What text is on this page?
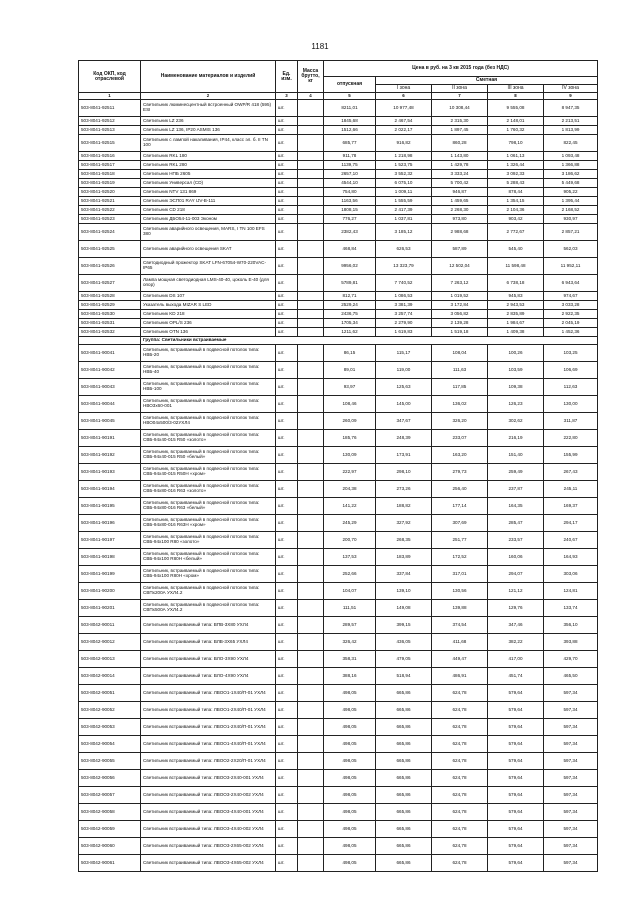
1181
Код ОКП, код отраслевой	Наименование материалов и изделий	Ед. изм.	Масса брутто, кг	Цена в руб. на 3 кв 2015 года (без НДС)				
				отпускная	Сметная			
					I зона	II зона	III зона	IV зона
1	2	3	4	5	6	7	8	9
503-8041-92511	Светильник люминесцентный встроенный OWP/R 418 (595) ESI	шт.		8211,01	10 977,48	10 308,44	9 555,08	8 947,35
503-8041-92512	Светильник LZ 236	шт.		1845,68	2 467,54	2 315,30	2 148,01	2 213,51
503-8041-92513	Светильник LZ 136, IP20 ASMIS 136	шт.		1512,66	2 022,17	1 897,45	1 760,32	1 813,99
503-8041-92515	Светильник с лампой накаливания, IP44, класс эл. б. II TN 100	шт.		685,77	916,82	860,28	798,10	822,45
503-8041-92516	Светильник RKL 180	шт.		911,78	1 218,98	1 143,80	1 061,13	1 093,48
503-8041-92517	Светильник RKL 280	шт.		1139,75	1 523,75	1 429,78	1 326,44	1 366,88
503-8041-92518	Светильник НПБ 2605	шт.		2657,10	3 552,32	3 333,24	3 092,33	3 186,62
503-8041-92519	Светильник Универсал (CD)	шт.		4544,10	6 075,10	5 700,42	5 288,43	5 449,68
503-8041-92520	Светильник NTV 131 869	шт.		754,80	1 009,11	946,87	878,44	905,22
503-8041-92521	Светильник ЭСП01 RAY IJV-B-111	шт.		1163,56	1 555,59	1 459,65	1 354,15	1 395,44
503-8041-92522	Светильник CD 218	шт.		1808,15	2 417,39	2 268,30	2 104,36	2 168,52
503-8041-92523	Светильник ДБО54-11-003 Эконом	шт.		776,27	1 037,81	973,80	903,42	930,97
503-8041-92524	Светильник аварийного освещения, MARS, I TN 100 EFS 380	шт.		2382,43	3 185,12	2 988,68	2 772,67	2 857,21
503-8041-92525	Светильник аварийного освещения SKAT	шт.		468,84	626,53	587,89	545,40	562,03
503-8041-92526	Светодиодный прожектор SKAT LFN-67054-W70-220VAC-IP65	шт.		9956,02	13 323,79	12 502,04	11 598,48	11 952,11
503-8041-92527	Лампа мощная светодиодная LMS-40-40, цоколь E-40 (для опор)	шт.		5789,81	7 740,52	7 263,12	6 738,18	6 943,64
503-8041-92528	Светильник DS 107	шт.		812,71	1 086,53	1 019,52	945,83	974,67
503-8041-92529	Указатель выхода MIZAR S LED	шт.		2529,24	3 381,39	3 172,84	2 943,53	3 033,28
503-8041-92530	Светильник KD 218	шт.		2436,75	3 257,74	3 056,82	2 835,89	2 922,35
503-8041-92531	Светильник OPL/S 236	шт.		1705,34	2 279,90	2 139,28	1 984,67	2 045,19
503-8041-92532	Светильник OTN 136	шт.		1211,62	1 619,83	1 519,18	1 409,38	1 452,36
	Группа: Светильники встраиваемые							
503-8041-90041	Светильник, встраиваемый в подвесной потолок типа: НВБ-20	шт.		86,15	115,17	108,04	100,26	103,25
503-8041-90042	Светильник, встраиваемый в подвесной потолок типа: НВБ-40	шт.		89,01	119,00	111,63	103,59	106,69
503-8041-90043	Светильник, встраиваемый в подвесной потолок типа: НВБ-100	шт.		93,97	125,63	117,85	109,38	112,63
503-8041-90044	Светильник, встраиваемый в подвесной потолок типа: НВО3х60-001	шт.		108,46	145,00	136,02	126,23	130,00
503-8041-90045	Светильник, встраиваемый в подвесной потолок типа: НВО04х500/3-02УХЛ4	шт.		260,09	347,67	326,20	302,62	311,87
503-8041-90191	Светильник, встраиваемый в подвесной потолок типа: СВБ-94х40-015 R50 «золото»	шт.		185,76	248,39	233,07	216,19	222,80
503-8041-90192	Светильник, встраиваемый в подвесной потолок типа: СВБ-94х40-015 R50 «белый»	шт.		130,09	173,91	163,20	151,40	155,99
503-8041-90193	Светильник, встраиваемый в подвесной потолок типа: СВБ-94х40-015 R50H «хром»	шт.		222,97	298,10	279,73	259,49	267,43
503-8041-90194	Светильник, встраиваемый в подвесной потолок типа: СВБ-94х80-016 R63 «золото»	шт.		204,38	273,26	256,40	237,87	245,11
503-8041-90195	Светильник, встраиваемый в подвесной потолок типа: СВБ-94х80-016 R63 «белый»	шт.		141,22	188,82	177,14	164,35	169,37
503-8041-90196	Светильник, встраиваемый в подвесной потолок типа: СВБ-94х80-016 R63H «хром»	шт.		245,29	327,92	307,69	285,47	294,17
503-8041-90197	Светильник, встраиваемый в подвесной потолок типа: СВБ-94х100 R80 «золото»	шт.		200,70	268,35	251,77	233,57	240,67
503-8041-90198	Светильник, встраиваемый в подвесной потолок типа: СВБ-94х100 R80H «белый»	шт.		137,53	183,89	172,52	160,06	164,93
503-8041-90199	Светильник, встраиваемый в подвесной потолок типа: СВБ-94х100 R80H «хром»	шт.		252,66	337,84	317,01	294,07	303,06
503-8041-90200	Светильник, встраиваемый в подвесной потолок типа: СВПх200А УХЛ4.2	шт.		104,07	139,10	130,56	121,12	124,81
503-8041-90201	Светильник, встраиваемый в подвесной потолок типа: СВПх500А УХЛ4.2	шт.		111,51	149,08	139,88	129,76	133,74
503-8042-90011	Светильник встраиваемый типа: ВПВ-3Х80 УХЛ4	шт.		289,57	399,15	374,54	347,46	356,10
503-8042-90012	Светильник встраиваемый типа: ВЛВ-3Х65 УХЛ4	шт.		326,42	436,05	411,68	382,22	393,88
503-8042-90013	Светильник встраиваемый типа: ВЛО-3Х90 УХЛ4	шт.		358,31	479,05	449,47	417,00	429,70
503-8042-90014	Светильник встраиваемый типа: ВЛО-4Х90 УХЛ4	шт.		388,16	518,94	486,91	451,74	465,50
503-8042-90051	Светильник встраиваемый типа: ЛВОО1-1Х40/П-01 УХЛ4	шт.		498,05	665,86	624,78	579,64	597,34
503-8042-90052	Светильник встраиваемый типа: ЛВОО1-2Х40/П-01 УХЛ4	шт.		498,05	665,86	624,78	579,64	597,34
503-8042-90053	Светильник встраиваемый типа: ЛВОО1-2Х40/П-01 УХЛ4	шт.		498,05	665,86	624,78	579,64	597,34
503-8042-90054	Светильник встраиваемый типа: ЛВОО1-4Х40/П-01 УХЛ4	шт.		498,05	665,86	624,78	579,64	597,34
503-8042-90055	Светильник встраиваемый типа: ЛВОО2-2Х20/П-01 УХЛ4	шт.		498,05	665,86	624,78	579,64	597,34
503-8042-90056	Светильник встраиваемый типа: ЛВОО3-2Х40-001 УХЛ4	шт.		498,05	665,86	624,78	579,64	597,34
503-8042-90057	Светильник встраиваемый типа: ЛВОО3-2Х40-002 УХЛ4	шт.		498,05	665,86	624,78	579,64	597,34
503-8042-90058	Светильник встраиваемый типа: ЛВОО3-4Х40-001 УХЛ4	шт.		498,05	665,86	624,78	579,64	597,34
503-8042-90059	Светильник встраиваемый типа: ЛВОО3-4Х40-002 УХЛ4	шт.		498,05	665,86	624,78	579,64	597,34
503-8042-90060	Светильник встраиваемый типа: ЛВОО3-2Х65-002 УХЛ4	шт.		498,05	665,86	624,78	579,64	597,34
503-8042-90061	Светильник встраиваемый типа: ЛВОО3-4Х65-002 УХЛ4	шт.		498,05	665,86	624,78	579,64	597,34
